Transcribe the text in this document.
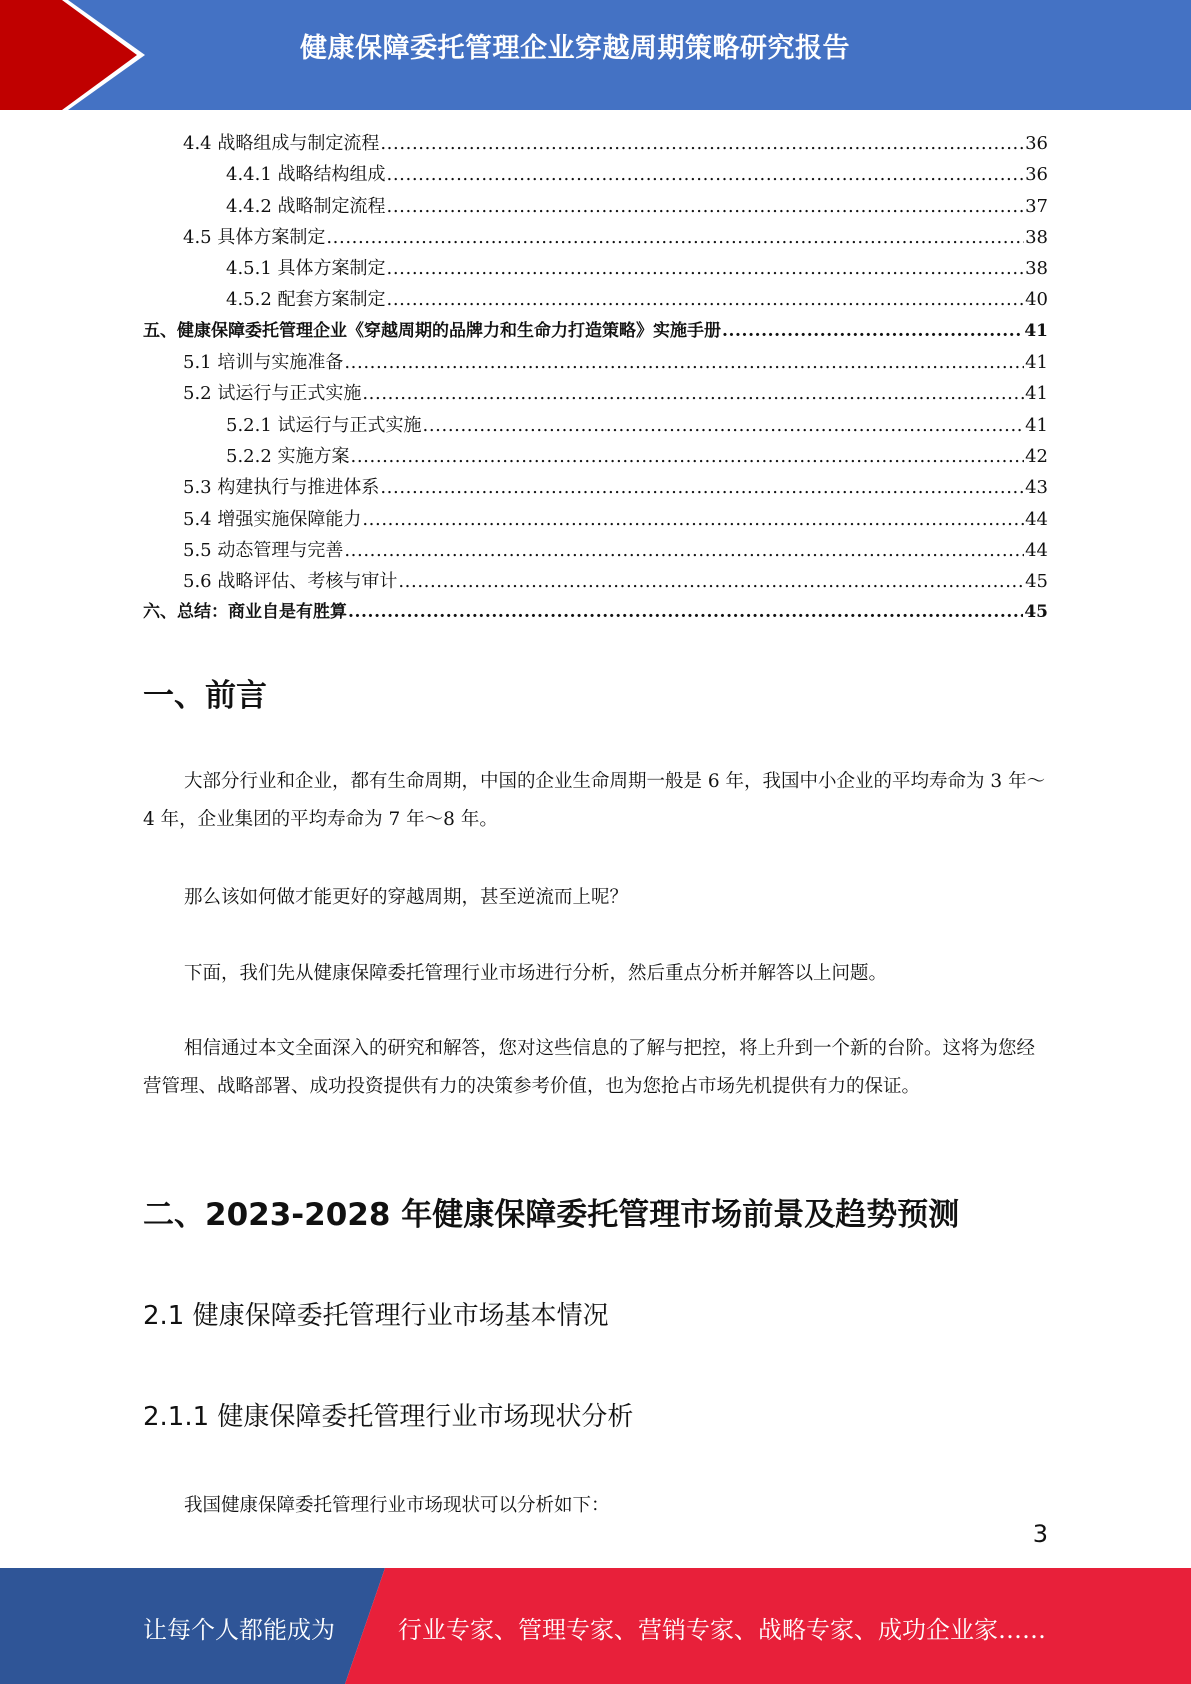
健康保障委托管理企业穿越周期策略研究报告
4.4 战略组成与制定流程 .....	36
4.4.1 战略结构组成 .....	36
4.4.2 战略制定流程 .....	37
4.5 具体方案制定 .....	38
4.5.1 具体方案制定 .....	38
4.5.2 配套方案制定 .....	40
五、健康保障委托管理企业《穿越周期的品牌力和生命力打造策略》实施手册 .....	41
5.1 培训与实施准备 .....	41
5.2 试运行与正式实施 .....	41
5.2.1 试运行与正式实施 .....	41
5.2.2 实施方案 .....	42
5.3 构建执行与推进体系 .....	43
5.4 增强实施保障能力 .....	44
5.5 动态管理与完善 .....	44
5.6 战略评估、考核与审计 .....	45
六、总结：商业自是有胜算 .....	45
一、前言
大部分行业和企业，都有生命周期，中国的企业生命周期一般是 6 年，我国中小企业的平均寿命为 3 年～4 年，企业集团的平均寿命为 7 年～8 年。
那么该如何做才能更好的穿越周期，甚至逆流而上呢？
下面，我们先从健康保障委托管理行业市场进行分析，然后重点分析并解答以上问题。
相信通过本文全面深入的研究和解答，您对这些信息的了解与把控，将上升到一个新的台阶。这将为您经营管理、战略部署、成功投资提供有力的决策参考价值，也为您抢占市场先机提供有力的保证。
二、2023-2028 年健康保障委托管理市场前景及趋势预测
2.1 健康保障委托管理行业市场基本情况
2.1.1 健康保障委托管理行业市场现状分析
我国健康保障委托管理行业市场现状可以分析如下：
3
让每个人都能成为	行业专家、管理专家、营销专家、战略专家、成功企业家……
